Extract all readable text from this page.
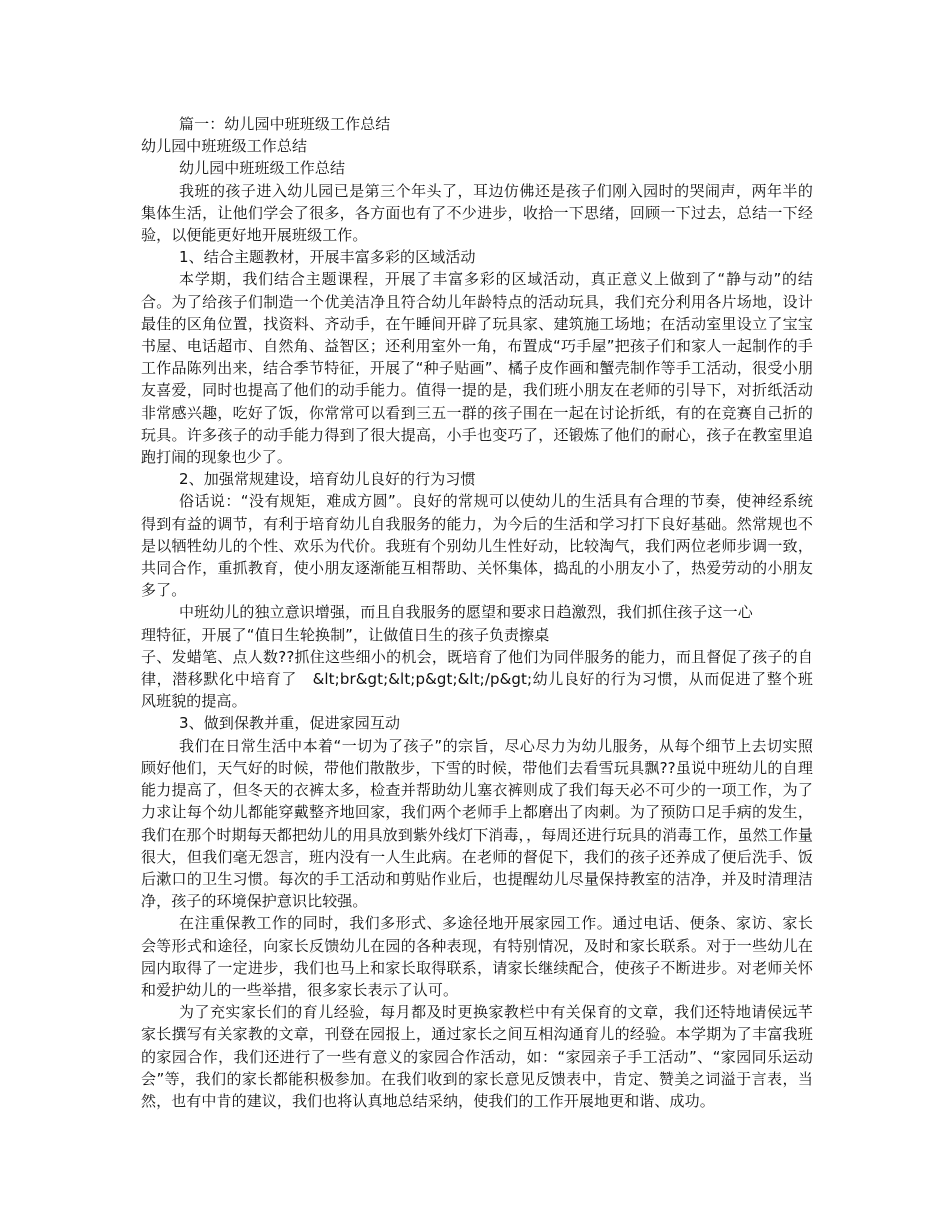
篇一：幼儿园中班班级工作总结

幼儿园中班班级工作总结

幼儿园中班班级工作总结

我班的孩子进入幼儿园已是第三个年头了，耳边仿佛还是孩子们刚入园时的哭闹声，两年半的集体生活，让他们学会了很多，各方面也有了不少进步，收拾一下思绪，回顾一下过去，总结一下经验，以便能更好地开展班级工作。

1、结合主题教材，开展丰富多彩的区域活动

本学期，我们结合主题课程，开展了丰富多彩的区域活动，真正意义上做到了“静与动”的结合。为了给孩子们制造一个优美洁净且符合幼儿年龄特点的活动玩具，我们充分利用各片场地，设计最佳的区角位置，找资料、齐动手，在午睡间开辟了玩具家、建筑施工场地；在活动室里设立了宝宝书屋、电话超市、自然角、益智区；还利用室外一角，布置成“巧手屋”把孩子们和家人一起制作的手工作品陈列出来，结合季节特征，开展了“种子贴画”、橘子皮作画和蟹壳制作等手工活动，很受小朋友喜爱，同时也提高了他们的动手能力。值得一提的是，我们班小朋友在老师的引导下，对折纸活动非常感兴趣，吃好了饭，你常常可以看到三五一群的孩子围在一起在讨论折纸，有的在竞赛自己折的玩具。许多孩子的动手能力得到了很大提高，小手也变巧了，还锻炼了他们的耐心，孩子在教室里追跑打闹的现象也少了。

2、加强常规建设，培育幼儿良好的行为习惯

俗话说：“没有规矩，难成方圆”。良好的常规可以使幼儿的生活具有合理的节奏，使神经系统得到有益的调节，有利于培育幼儿自我服务的能力，为今后的生活和学习打下良好基础。然常规也不是以牺牲幼儿的个性、欢乐为代价。我班有个别幼儿生性好动，比较淘气，我们两位老师步调一致，共同合作，重抓教育，使小朋友逐渐能互相帮助、关怀集体，捣乱的小朋友小了，热爱劳动的小朋友多了。

中班幼儿的独立意识增强，而且自我服务的愿望和要求日趋激烈，我们抓住孩子这一心

理特征，开展了“值日生轮换制”，让做值日生的孩子负责擦桌

子、发蜡笔、点人数??抓住这些细小的机会，既培育了他们为同伴服务的能力，而且督促了孩子的自律，潜移默化中培育了　&lt;br&gt;&lt;p&gt;&lt;/p&gt;幼儿良好的行为习惯，从而促进了整个班风班貌的提高。

3、做到保教并重，促进家园互动

我们在日常生活中本着“一切为了孩子”的宗旨，尽心尽力为幼儿服务，从每个细节上去切实照顾好他们，天气好的时候，带他们散散步，下雪的时候，带他们去看雪玩具飘??虽说中班幼儿的自理能力提高了，但冬天的衣裤太多，检查并帮助幼儿塞衣裤则成了我们每天必不可少的一项工作，为了力求让每个幼儿都能穿戴整齐地回家，我们两个老师手上都磨出了肉刺。为了预防口足手病的发生，我们在那个时期每天都把幼儿的用具放到紫外线灯下消毒，，每周还进行玩具的消毒工作，虽然工作量很大，但我们毫无怨言，班内没有一人生此病。在老师的督促下，我们的孩子还养成了便后洗手、饭后漱口的卫生习惯。每次的手工活动和剪贴作业后，也提醒幼儿尽量保持教室的洁净，并及时清理洁净，孩子的环境保护意识比较强。

在注重保教工作的同时，我们多形式、多途径地开展家园工作。通过电话、便条、家访、家长会等形式和途径，向家长反馈幼儿在园的各种表现，有特别情况，及时和家长联系。对于一些幼儿在园内取得了一定进步，我们也马上和家长取得联系，请家长继续配合，使孩子不断进步。对老师关怀和爱护幼儿的一些举措，很多家长表示了认可。

为了充实家长们的育儿经验，每月都及时更换家教栏中有关保育的文章，我们还特地请侯远芊家长撰写有关家教的文章，刊登在园报上，通过家长之间互相沟通育儿的经验。本学期为了丰富我班的家园合作，我们还进行了一些有意义的家园合作活动，如：“家园亲子手工活动”、“家园同乐运动会”等，我们的家长都能积极参加。在我们收到的家长意见反馈表中，肯定、赞美之词溢于言表，当然，也有中肯的建议，我们也将认真地总结采纳，使我们的工作开展地更和谐、成功。
